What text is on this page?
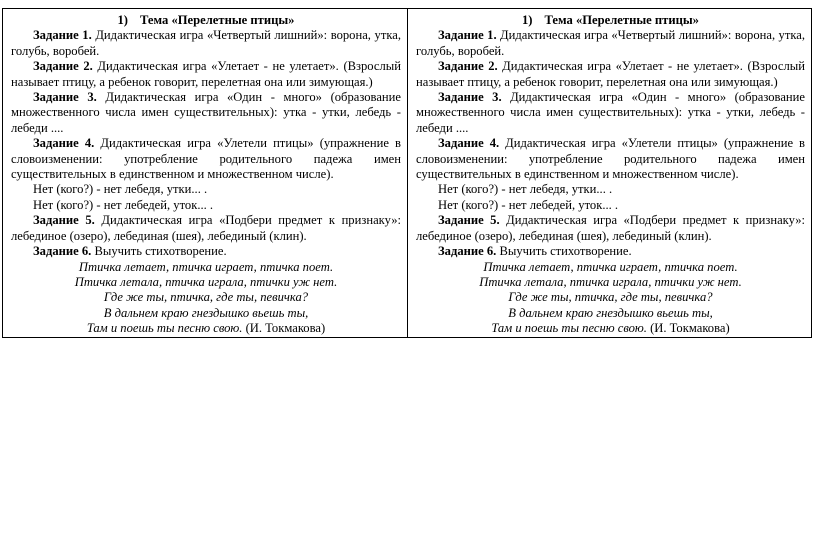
1) Тема «Перелетные птицы»

Задание 1. Дидактическая игра «Четвертый лишний»: ворона, утка, голубь, воробей.

Задание 2. Дидактическая игра «Улетает - не улетает». (Взрослый называет птицу, а ребенок говорит, перелетная она или зимующая.)

Задание 3. Дидактическая игра «Один - много» (образование множественного числа имен существительных): утка - утки, лебедь - лебеди ....

Задание 4. Дидактическая игра «Улетели птицы» (упражнение в словоизменении: употребление родительного падежа имен существительных в единственном и множественном числе).

Нет (кого?) - нет лебедя, утки... .

Нет (кого?) - нет лебедей, уток... .

Задание 5. Дидактическая игра «Подбери предмет к признаку»: лебединое (озеро), лебединая (шея), лебединый (клин).

Задание 6. Выучить стихотворение.

Птичка летает, птичка играет, птичка поет.

Птичка летала, птичка играла, птички уж нет.

Где же ты, птичка, где ты, певичка?

В дальнем краю гнездышко вьешь ты,

Там и поешь ты песню свою. (И. Токмакова)

1) Тема «Перелетные птицы»

Задание 1. Дидактическая игра «Четвертый лишний»: ворона, утка, голубь, воробей.

Задание 2. Дидактическая игра «Улетает - не улетает». (Взрослый называет птицу, а ребенок говорит, перелетная она или зимующая.)

Задание 3. Дидактическая игра «Один - много» (образование множественного числа имен существительных): утка - утки, лебедь - лебеди ....

Задание 4. Дидактическая игра «Улетели птицы» (упражнение в словоизменении: употребление родительного падежа имен существительных в единственном и множественном числе).

Нет (кого?) - нет лебедя, утки... .

Нет (кого?) - нет лебедей, уток... .

Задание 5. Дидактическая игра «Подбери предмет к признаку»: лебединое (озеро), лебединая (шея), лебединый (клин).

Задание 6. Выучить стихотворение.

Птичка летает, птичка играет, птичка поет.

Птичка летала, птичка играла, птички уж нет.

Где же ты, птичка, где ты, певичка?

В дальнем краю гнездышко вьешь ты,

Там и поешь ты песню свою. (И. Токмакова)
